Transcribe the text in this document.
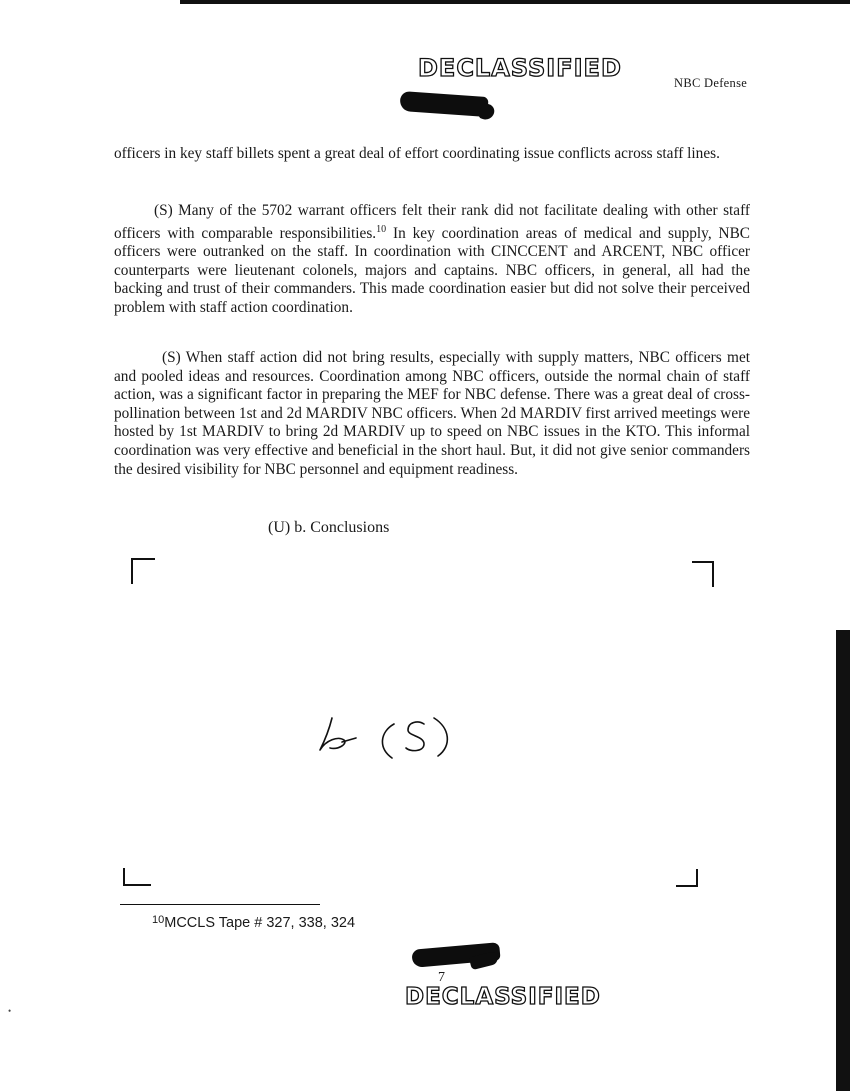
DECLASSIFIED
NBC Defense

officers in key staff billets spent a great deal of effort coordinating issue conflicts across staff lines.

(S) Many of the 5702 warrant officers felt their rank did not facilitate dealing with other staff officers with comparable responsibilities.$^{10}$ In key coordination areas of medical and supply, NBC officers were outranked on the staff. In coordination with CINCCENT and ARCENT, NBC officer counterparts were lieutenant colonels, majors and captains. NBC officers, in general, all had the backing and trust of their commanders. This made coordination easier but did not solve their perceived problem with staff action coordination.

(S) When staff action did not bring results, especially with supply matters, NBC officers met and pooled ideas and resources. Coordination among NBC officers, outside the normal chain of staff action, was a significant factor in preparing the MEF for NBC defense. There was a great deal of cross-pollination between 1st and 2d MARDIV NBC officers. When 2d MARDIV first arrived meetings were hosted by 1st MARDIV to bring 2d MARDIV up to speed on NBC issues in the KTO. This informal coordination was very effective and beneficial in the short haul. But, it did not give senior commanders the desired visibility for NBC personnel and equipment readiness.

(U) b. Conclusions
$^{10}$MCCLS Tape # 327, 338, 324
7
DECLASSIFIED
•
